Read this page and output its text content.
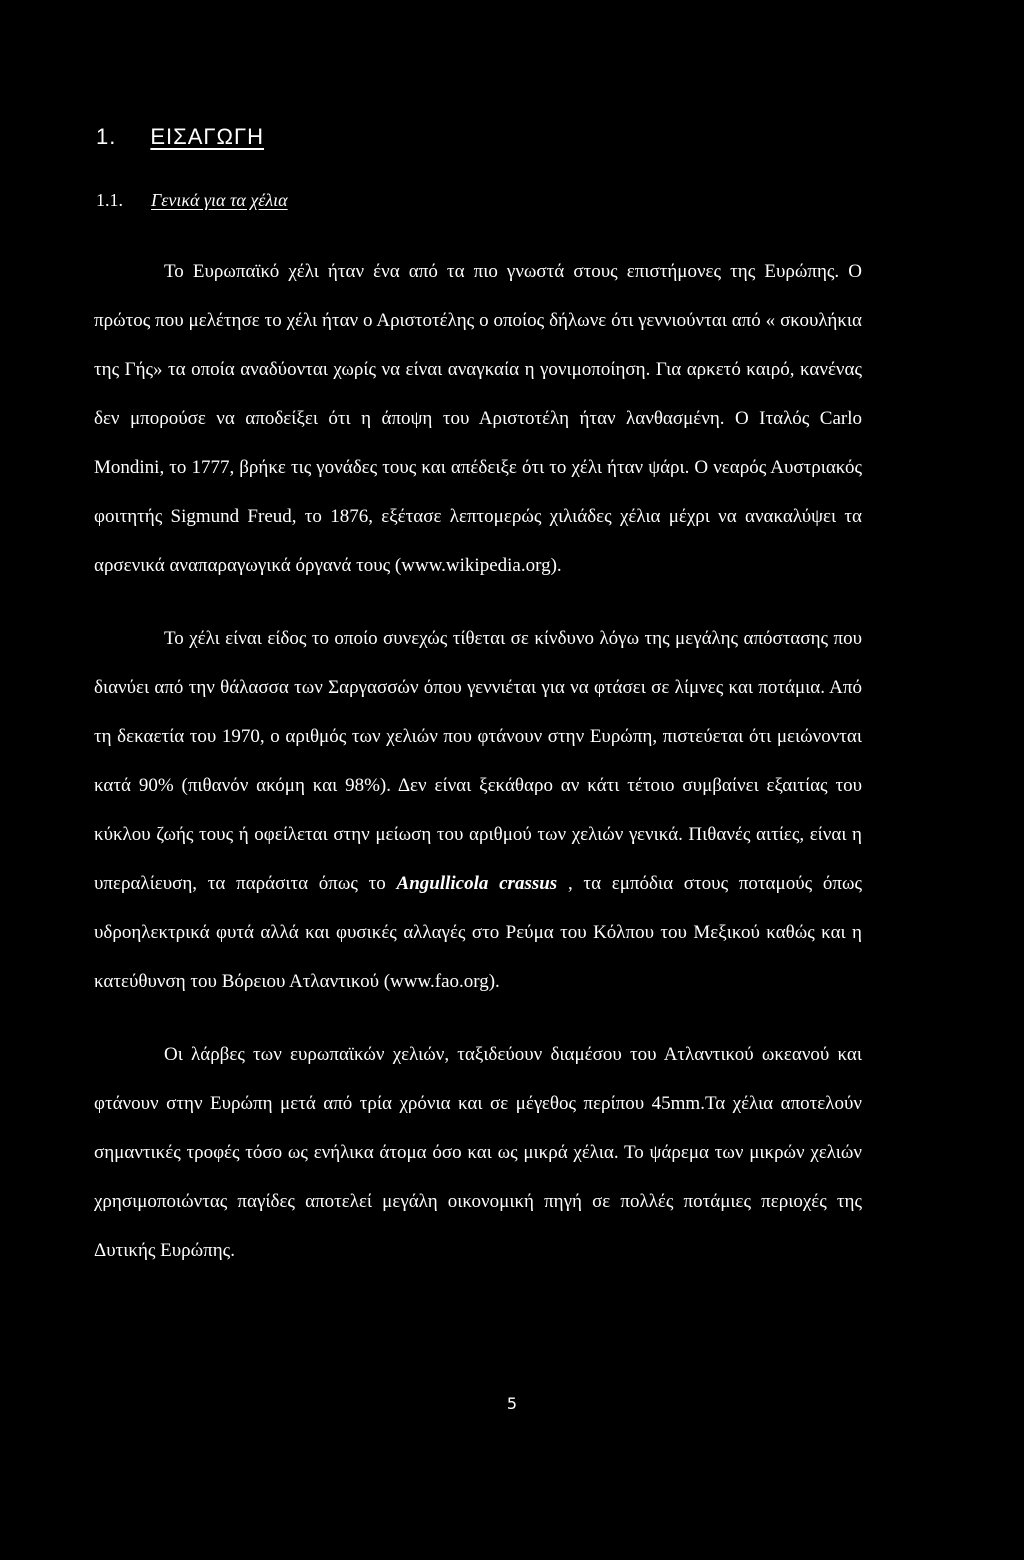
1. ΕΙΣΑΓΩΓΗ
1.1. Γενικά για τα χέλια

Το Ευρωπαϊκό χέλι ήταν ένα από τα πιο γνωστά στους επιστήμονες της Ευρώπης. Ο πρώτος που μελέτησε το χέλι ήταν ο Αριστοτέλης ο οποίος δήλωνε ότι γεννιούνται από « σκουλήκια της Γής» τα οποία αναδύονται χωρίς να είναι αναγκαία η γονιμοποίηση. Για αρκετό καιρό, κανένας δεν μπορούσε να αποδείξει ότι η άποψη του Αριστοτέλη ήταν λανθασμένη. Ο Ιταλός Carlo Mondini, το 1777, βρήκε τις γονάδες τους και απέδειξε ότι το χέλι ήταν ψάρι. Ο νεαρός Αυστριακός φοιτητής Sigmund Freud, το 1876, εξέτασε λεπτομερώς χιλιάδες χέλια μέχρι να ανακαλύψει τα αρσενικά αναπαραγωγικά όργανά τους (www.wikipedia.org).

Το χέλι είναι είδος το οποίο συνεχώς τίθεται σε κίνδυνο λόγω της μεγάλης απόστασης που διανύει από την θάλασσα των Σαργασσών όπου γεννιέται για να φτάσει σε λίμνες και ποτάμια. Από τη δεκαετία του 1970, ο αριθμός των χελιών που φτάνουν στην Ευρώπη, πιστεύεται ότι μειώνονται κατά 90% (πιθανόν ακόμη και 98%). Δεν είναι ξεκάθαρο αν κάτι τέτοιο συμβαίνει εξαιτίας του κύκλου ζωής τους ή οφείλεται στην μείωση του αριθμού των χελιών γενικά. Πιθανές αιτίες, είναι η υπεραλίευση, τα παράσιτα όπως το Angullicola crassus , τα εμπόδια στους ποταμούς όπως υδροηλεκτρικά φυτά αλλά και φυσικές αλλαγές στο Ρεύμα του Κόλπου του Μεξικού καθώς και η κατεύθυνση του Βόρειου Ατλαντικού (www.fao.org).

Οι λάρβες των ευρωπαϊκών χελιών, ταξιδεύουν διαμέσου του Ατλαντικού ωκεανού και φτάνουν στην Ευρώπη μετά από τρία χρόνια και σε μέγεθος περίπου 45mm.Τα χέλια αποτελούν σημαντικές τροφές τόσο ως ενήλικα άτομα όσο και ως μικρά χέλια. Το ψάρεμα των μικρών χελιών χρησιμοποιώντας παγίδες αποτελεί μεγάλη οικονομική πηγή σε πολλές ποτάμιες περιοχές της Δυτικής Ευρώπης.

5
